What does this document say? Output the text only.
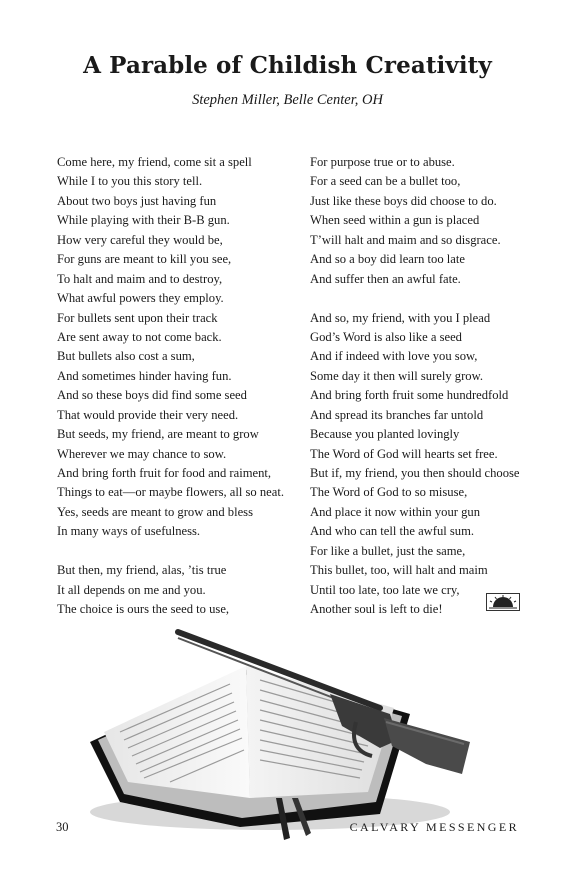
A Parable of Childish Creativity
Stephen Miller, Belle Center, OH
Come here, my friend, come sit a spell
While I to you this story tell.
About two boys just having fun
While playing with their B-B gun.
How very careful they would be,
For guns are meant to kill you see,
To halt and maim and to destroy,
What awful powers they employ.
For bullets sent upon their track
Are sent away to not come back.
But bullets also cost a sum,
And sometimes hinder having fun.
And so these boys did find some seed
That would provide their very need.
But seeds, my friend, are meant to grow
Wherever we may chance to sow.
And bring forth fruit for food and raiment,
Things to eat—or maybe flowers, all so neat.
Yes, seeds are meant to grow and bless
In many ways of usefulness.
But then, my friend, alas, ’tis true
It all depends on me and you.
The choice is ours the seed to use,
For purpose true or to abuse.
For a seed can be a bullet too,
Just like these boys did choose to do.
When seed within a gun is placed
T’will halt and maim and so disgrace.
And so a boy did learn too late
And suffer then an awful fate.
And so, my friend, with you I plead
God’s Word is also like a seed
And if indeed with love you sow,
Some day it then will surely grow.
And bring forth fruit some hundredfold
And spread its branches far untold
Because you planted lovingly
The Word of God will hearts set free.
But if, my friend, you then should choose
The Word of God to so misuse,
And place it now within your gun
And who can tell the awful sum.
For like a bullet, just the same,
This bullet, too, will halt and maim
Until too late, too late we cry,
Another soul is left to die!
30	CALVARY MESSENGER
